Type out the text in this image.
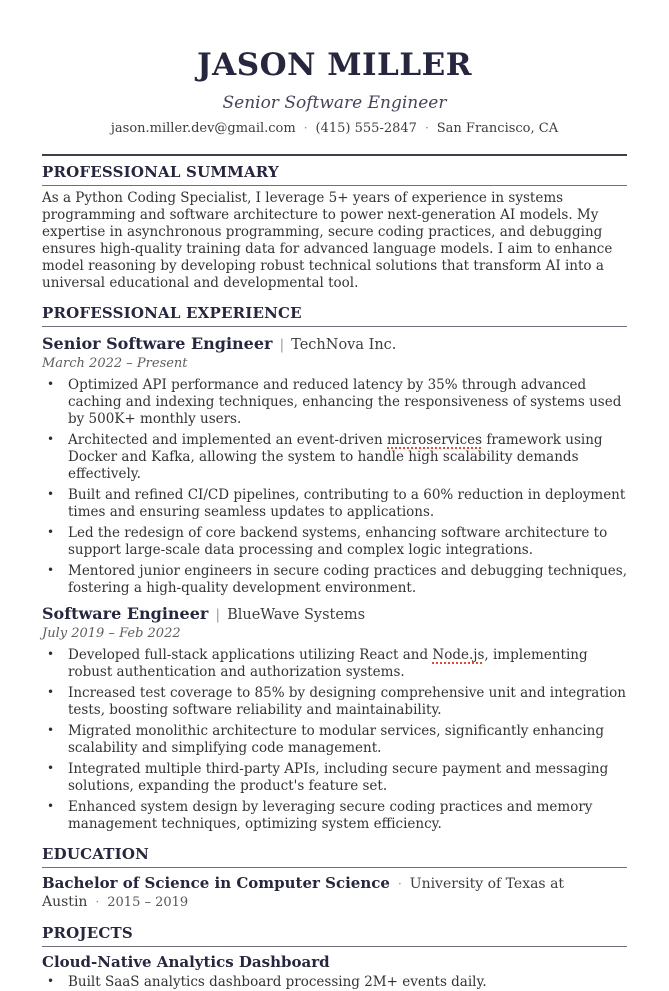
JASON MILLER
Senior Software Engineer
jason.miller.dev@gmail.com · (415) 555-2847 · San Francisco, CA
PROFESSIONAL SUMMARY

As a Python Coding Specialist, I leverage 5+ years of experience in systems programming and software architecture to power next-generation AI models. My expertise in asynchronous programming, secure coding practices, and debugging ensures high-quality training data for advanced language models. I aim to enhance model reasoning by developing robust technical solutions that transform AI into a universal educational and developmental tool.

PROFESSIONAL EXPERIENCE
Senior Software Engineer | TechNova Inc.
March 2022 – Present
• Optimized API performance and reduced latency by 35% through advanced caching and indexing techniques, enhancing the responsiveness of systems used by 500K+ monthly users.
• Architected and implemented an event-driven microservices framework using Docker and Kafka, allowing the system to handle high scalability demands effectively.
• Built and refined CI/CD pipelines, contributing to a 60% reduction in deployment times and ensuring seamless updates to applications.
• Led the redesign of core backend systems, enhancing software architecture to support large-scale data processing and complex logic integrations.
• Mentored junior engineers in secure coding practices and debugging techniques, fostering a high-quality development environment.
Software Engineer | BlueWave Systems
July 2019 – Feb 2022
• Developed full-stack applications utilizing React and Node.js, implementing robust authentication and authorization systems.
• Increased test coverage to 85% by designing comprehensive unit and integration tests, boosting software reliability and maintainability.
• Migrated monolithic architecture to modular services, significantly enhancing scalability and simplifying code management.
• Integrated multiple third-party APIs, including secure payment and messaging solutions, expanding the product's feature set.
• Enhanced system design by leveraging secure coding practices and memory management techniques, optimizing system efficiency.
EDUCATION
Bachelor of Science in Computer Science · University of Texas at Austin · 2015 – 2019
PROJECTS
Cloud-Native Analytics Dashboard
• Built SaaS analytics dashboard processing 2M+ events daily.
